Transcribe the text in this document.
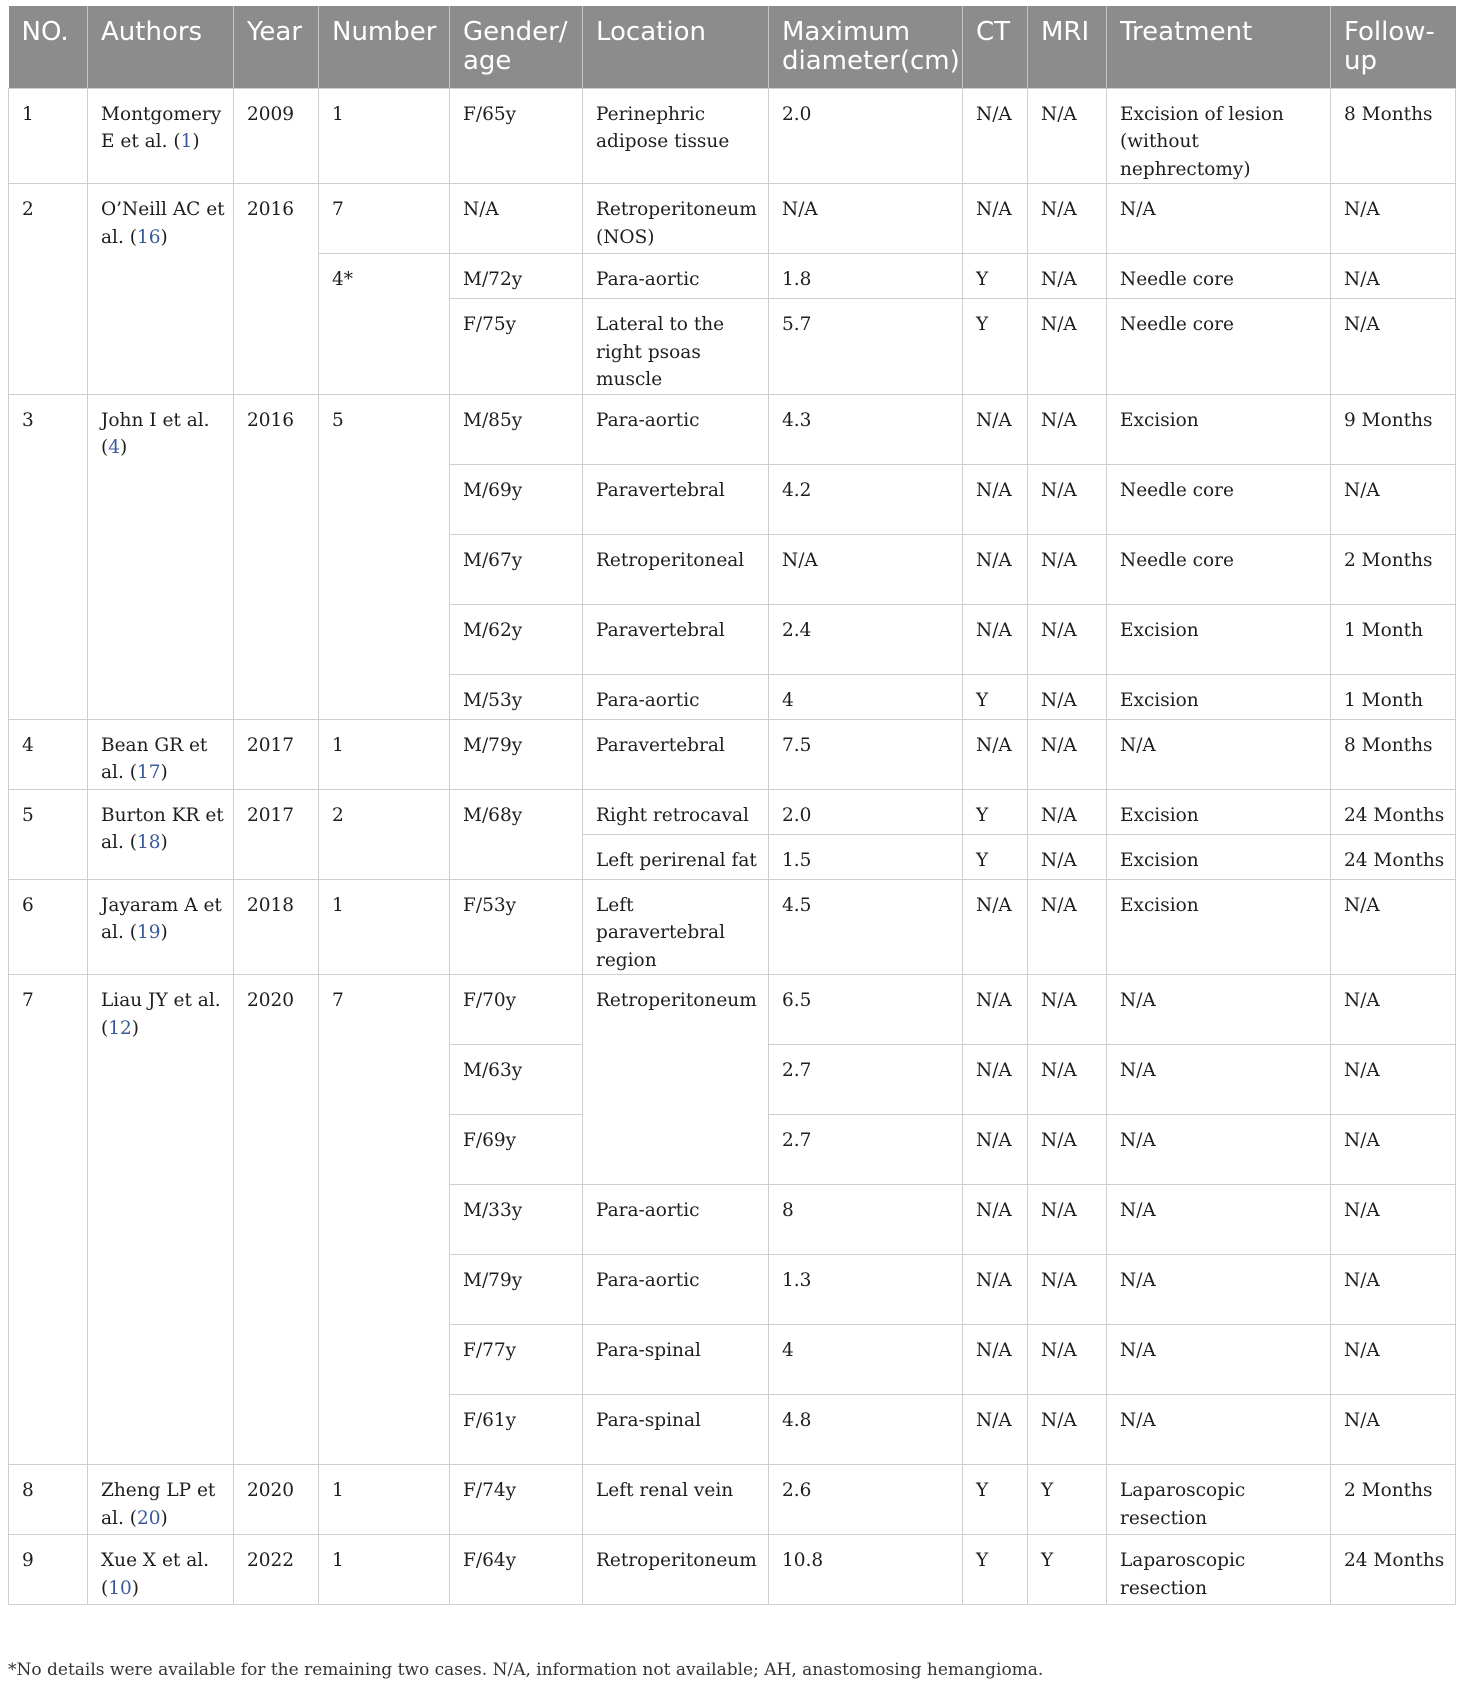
NO.	Authors	Year	Number	Gender/ age	Location	Maximum diameter(cm)	CT	MRI	Treatment	Follow-up
1	Montgomery E et al. (1)	2009	1	F/65y	Perinephric adipose tissue	2.0	N/A	N/A	Excision of lesion (without nephrectomy)	8 Months
2	O’Neill AC et al. (16)	2016	7	N/A	Retroperitoneum (NOS)	N/A	N/A	N/A	N/A	N/A
			4*	M/72y	Para-aortic	1.8	Y	N/A	Needle core	N/A
				F/75y	Lateral to the right psoas muscle	5.7	Y	N/A	Needle core	N/A
3	John I et al. (4)	2016	5	M/85y	Para-aortic	4.3	N/A	N/A	Excision	9 Months
				M/69y	Paravertebral	4.2	N/A	N/A	Needle core	N/A
				M/67y	Retroperitoneal	N/A	N/A	N/A	Needle core	2 Months
				M/62y	Paravertebral	2.4	N/A	N/A	Excision	1 Month
				M/53y	Para-aortic	4	Y	N/A	Excision	1 Month
4	Bean GR et al. (17)	2017	1	M/79y	Paravertebral	7.5	N/A	N/A	N/A	8 Months
5	Burton KR et al. (18)	2017	2	M/68y	Right retrocaval	2.0	Y	N/A	Excision	24 Months
					Left perirenal fat	1.5	Y	N/A	Excision	24 Months
6	Jayaram A et al. (19)	2018	1	F/53y	Left paravertebral region	4.5	N/A	N/A	Excision	N/A
7	Liau JY et al. (12)	2020	7	F/70y	Retroperitoneum	6.5	N/A	N/A	N/A	N/A
				M/63y		2.7	N/A	N/A	N/A	N/A
				F/69y		2.7	N/A	N/A	N/A	N/A
				M/33y	Para-aortic	8	N/A	N/A	N/A	N/A
				M/79y	Para-aortic	1.3	N/A	N/A	N/A	N/A
				F/77y	Para-spinal	4	N/A	N/A	N/A	N/A
				F/61y	Para-spinal	4.8	N/A	N/A	N/A	N/A
8	Zheng LP et al. (20)	2020	1	F/74y	Left renal vein	2.6	Y	Y	Laparoscopic resection	2 Months
9	Xue X et al. (10)	2022	1	F/64y	Retroperitoneum	10.8	Y	Y	Laparoscopic resection	24 Months
*No details were available for the remaining two cases. N/A, information not available; AH, anastomosing hemangioma.
